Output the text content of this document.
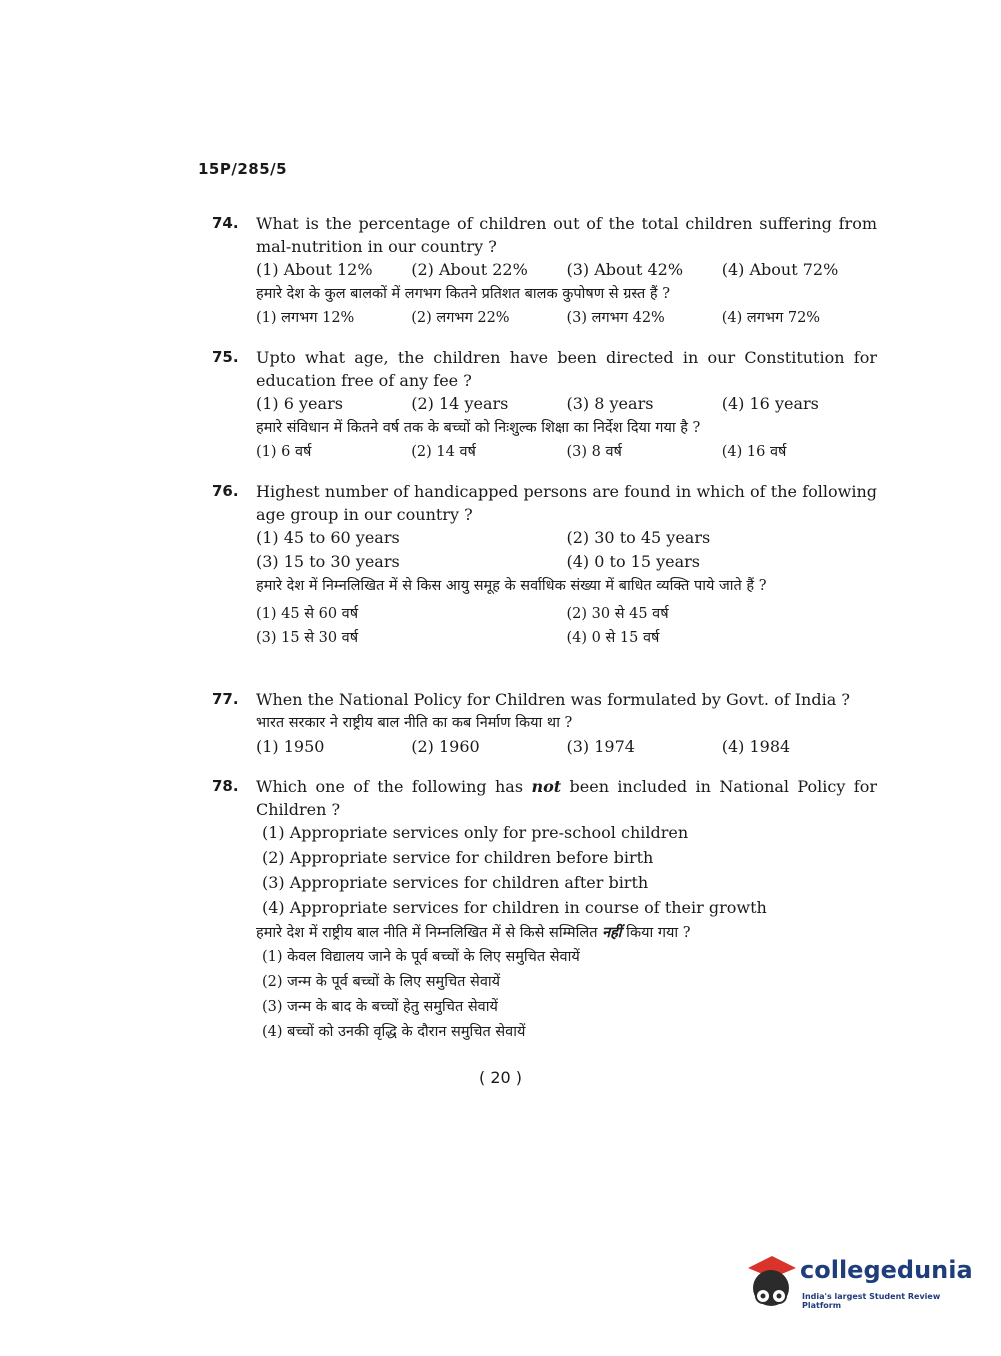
15P/285/5
74.	What is the percentage of children out of the total children suffering from mal-nutrition in our country ?
(1) About 12%	(2) About 22%	(3) About 42%	(4) About 72%
हमारे देश के कुल बालकों में लगभग कितने प्रतिशत बालक कुपोषण से ग्रस्त हैं ?
(1) लगभग 12%	(2) लगभग 22%	(3) लगभग 42%	(4) लगभग 72%
75.	Upto what age, the children have been directed in our Constitution for education free of any fee ?
(1) 6 years	(2) 14 years	(3) 8 years	(4) 16 years
हमारे संविधान में कितने वर्ष तक के बच्चों को निःशुल्क शिक्षा का निर्देश दिया गया है ?
(1) 6 वर्ष	(2) 14 वर्ष	(3) 8 वर्ष	(4) 16 वर्ष
76.	Highest number of handicapped persons are found in which of the following age group in our country ?
(1) 45 to 60 years	(2) 30 to 45 years
(3) 15 to 30 years	(4) 0 to 15 years
हमारे देश में निम्नलिखित में से किस आयु समूह के सर्वाधिक संख्या में बाधित व्यक्ति पाये जाते हैं ?
(1) 45 से 60 वर्ष	(2) 30 से 45 वर्ष
(3) 15 से 30 वर्ष	(4) 0 से 15 वर्ष
77.	When the National Policy for Children was formulated by Govt. of India ?
भारत सरकार ने राष्ट्रीय बाल नीति का कब निर्माण किया था ?
(1) 1950	(2) 1960	(3) 1974	(4) 1984
78.	Which one of the following has not been included in National Policy for Children ?
(1) Appropriate services only for pre-school children
(2) Appropriate service for children before birth
(3) Appropriate services for children after birth
(4) Appropriate services for children in course of their growth
हमारे देश में राष्ट्रीय बाल नीति में निम्नलिखित में से किसे सम्मिलित नहीं किया गया ?
(1) केवल विद्यालय जाने के पूर्व बच्चों के लिए समुचित सेवायें
(2) जन्म के पूर्व बच्चों के लिए समुचित सेवायें
(3) जन्म के बाद के बच्चों हेतु समुचित सेवायें
(4) बच्चों को उनकी वृद्धि के दौरान समुचित सेवायें
( 20 )
collegedunia
India's largest Student Review Platform
